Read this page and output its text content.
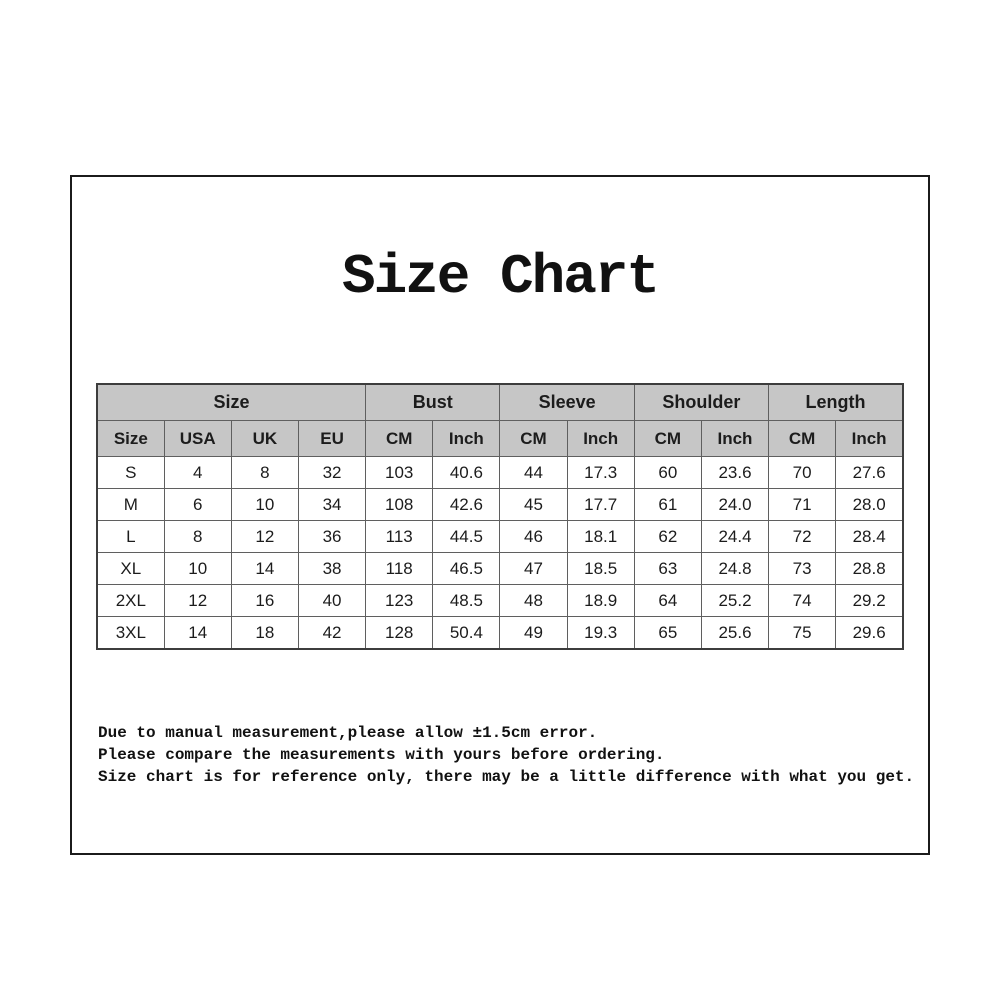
Size Chart
Size				Bust		Sleeve		Shoulder		Length	
Size	USA	UK	EU	CM	Inch	CM	Inch	CM	Inch	CM	Inch
S	4	8	32	103	40.6	44	17.3	60	23.6	70	27.6
M	6	10	34	108	42.6	45	17.7	61	24.0	71	28.0
L	8	12	36	113	44.5	46	18.1	62	24.4	72	28.4
XL	10	14	38	118	46.5	47	18.5	63	24.8	73	28.8
2XL	12	16	40	123	48.5	48	18.9	64	25.2	74	29.2
3XL	14	18	42	128	50.4	49	19.3	65	25.6	75	29.6

Due to manual measurement,please allow ±1.5cm error.

Please compare the measurements with yours before ordering.

Size chart is for reference only, there may be a little difference with what you get.
